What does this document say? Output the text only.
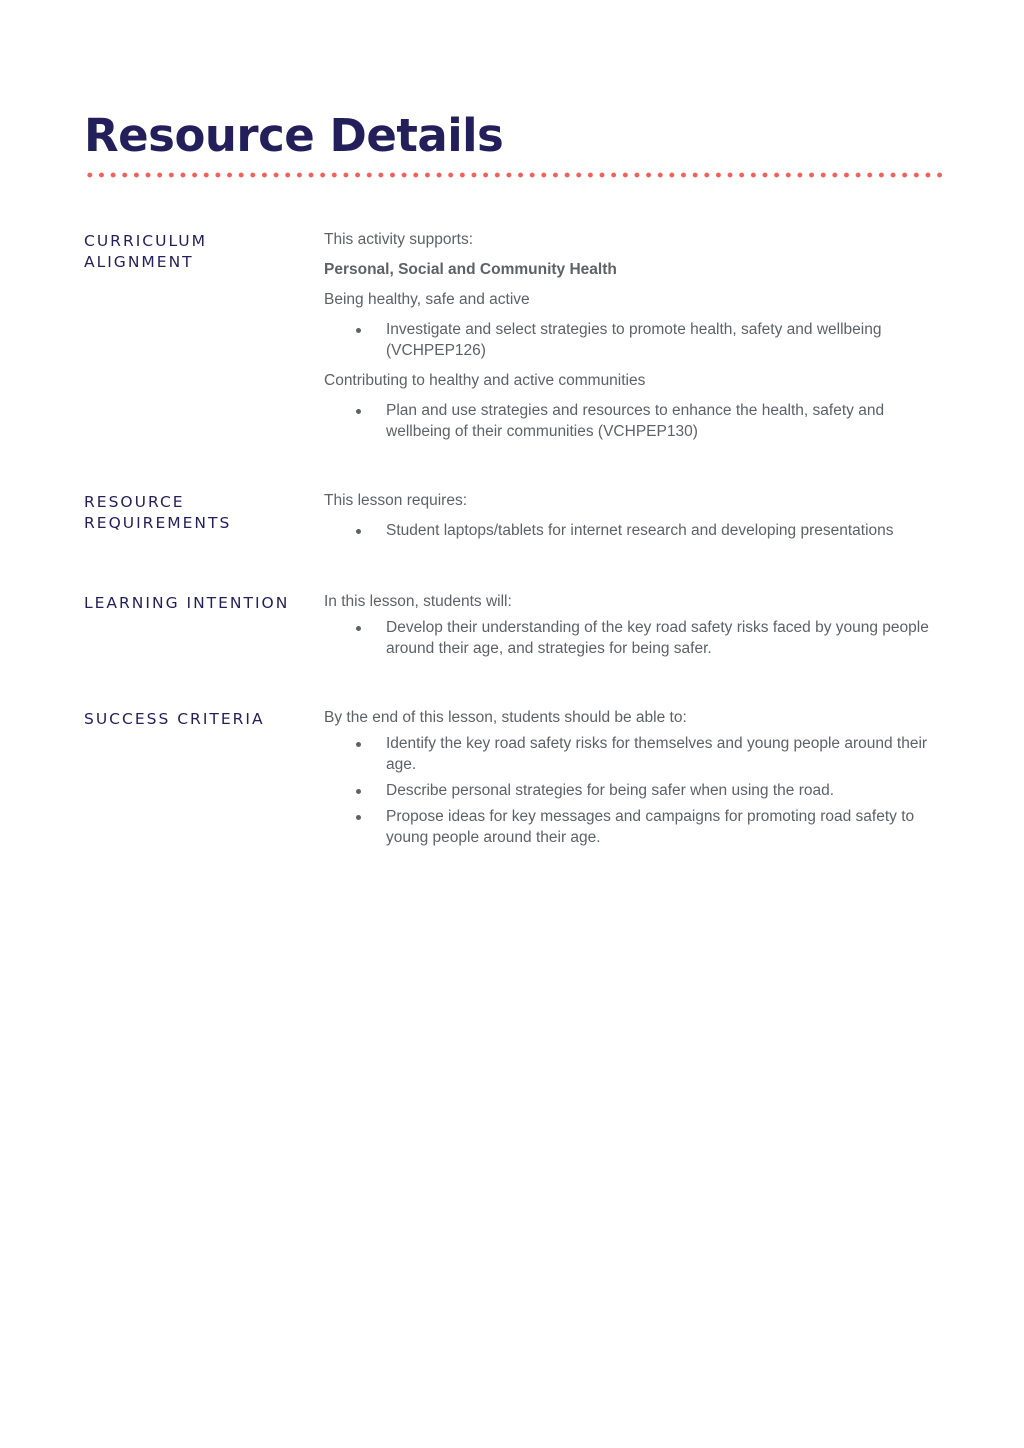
Resource Details
CURRICULUM ALIGNMENT

This activity supports:

Personal, Social and Community Health

Being healthy, safe and active

Investigate and select strategies to promote health, safety and wellbeing (VCHPEP126)

Contributing to healthy and active communities

Plan and use strategies and resources to enhance the health, safety and wellbeing of their communities (VCHPEP130)
RESOURCE REQUIREMENTS

This lesson requires:

Student laptops/tablets for internet research and developing presentations
LEARNING INTENTION	In this lesson, students will:

Develop their understanding of the key road safety risks faced by young people around their age, and strategies for being safer.
SUCCESS CRITERIA	By the end of this lesson, students should be able to:

Identify the key road safety risks for themselves and young people around their age.
Describe personal strategies for being safer when using the road.
Propose ideas for key messages and campaigns for promoting road safety to young people around their age.
